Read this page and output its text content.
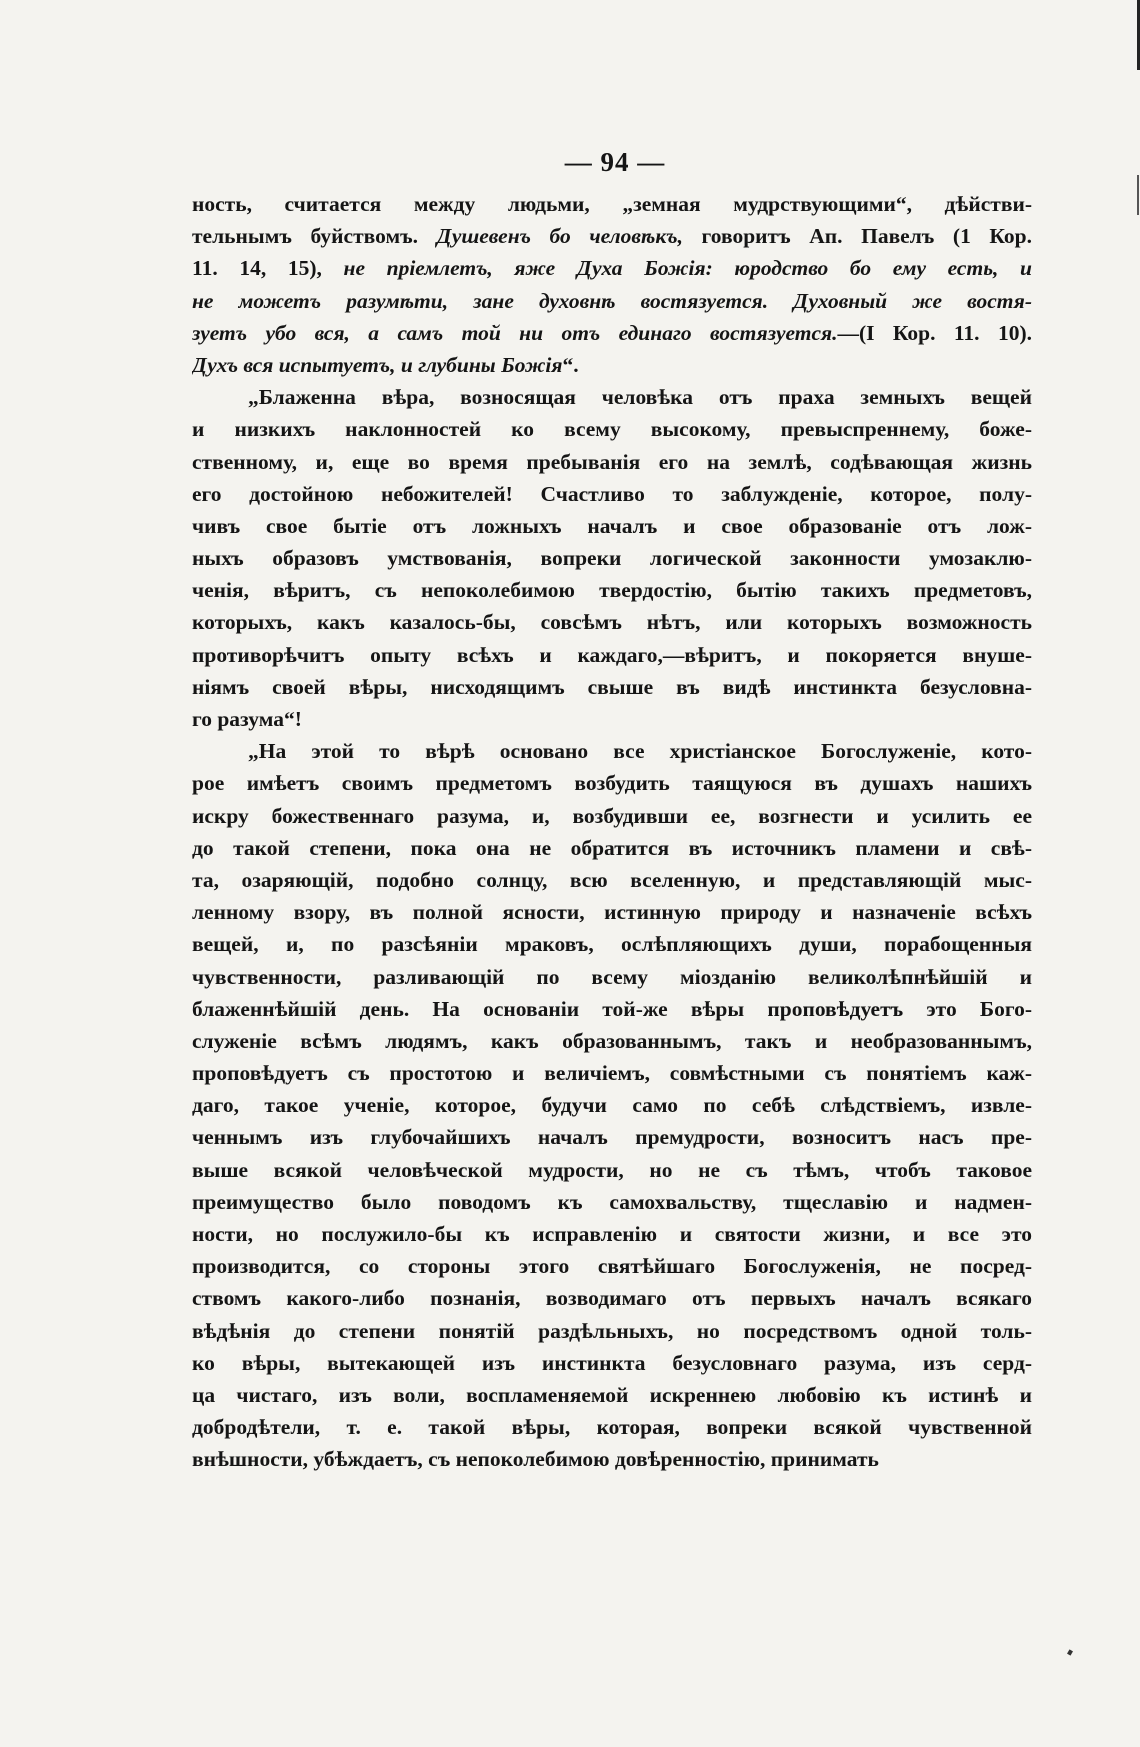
— 94 —
ность, считается между людьми, „земная мудрствующими“, дѣйстви-
тельнымъ буйствомъ. Душевенъ бо человѣкъ, говоритъ Ап. Павелъ (1 Кор.
11. 14, 15), не пріемлетъ, яже Духа Божія: юродство бо ему есть, и
не можетъ разумѣти, зане духовнѣ востязуется. Духовный же востя-
зуетъ убо вся, а самъ той ни отъ единаго востязуется.—(I Кор. 11. 10).
Духъ вся испытуетъ, и глубины Божія“.
„Блаженна вѣра, возносящая человѣка отъ праха земныхъ вещей
и низкихъ наклонностей ко всему высокому, превыспреннему, боже-
ственному, и, еще во время пребыванія его на землѣ, содѣвающая жизнь
его достойною небожителей! Счастливо то заблужденіе, которое, полу-
чивъ свое бытіе отъ ложныхъ началъ и свое образованіе отъ лож-
ныхъ образовъ умствованія, вопреки логической законности умозаклю-
ченія, вѣритъ, съ непоколебимою твердостію, бытію такихъ предметовъ,
которыхъ, какъ казалось-бы, совсѣмъ нѣтъ, или которыхъ возможность
противорѣчитъ опыту всѣхъ и каждаго,—вѣритъ, и покоряется внуше-
ніямъ своей вѣры, нисходящимъ свыше въ видѣ инстинкта безусловна-
го разума“!
„На этой то вѣрѣ основано все христіанское Богослуженіе, кото-
рое имѣетъ своимъ предметомъ возбудить таящуюся въ душахъ нашихъ
искру божественнаго разума, и, возбудивши ее, возгнести и усилить ее
до такой степени, пока она не обратится въ источникъ пламени и свѣ-
та, озаряющій, подобно солнцу, всю вселенную, и представляющій мыс-
ленному взору, въ полной ясности, истинную природу и назначеніе всѣхъ
вещей, и, по разсѣяніи мраковъ, ослѣпляющихъ души, порабощенныя
чувственности, разливающій по всему міозданію великолѣпнѣйшій и
блаженнѣйшій день. На основаніи той-же вѣры проповѣдуетъ это Бого-
служеніе всѣмъ людямъ, какъ образованнымъ, такъ и необразованнымъ,
проповѣдуетъ съ простотою и величіемъ, совмѣстными съ понятіемъ каж-
даго, такое ученіе, которое, будучи само по себѣ слѣдствіемъ, извле-
ченнымъ изъ глубочайшихъ началъ премудрости, возноситъ насъ пре-
выше всякой человѣческой мудрости, но не съ тѣмъ, чтобъ таковое
преимущество было поводомъ къ самохвальству, тщеславію и надмен-
ности, но послужило-бы къ исправленію и святости жизни, и все это
производится, со стороны этого святѣйшаго Богослуженія, не посред-
ствомъ какого-либо познанія, возводимаго отъ первыхъ началъ всякаго
вѣдѣнія до степени понятій раздѣльныхъ, но посредствомъ одной толь-
ко вѣры, вытекающей изъ инстинкта безусловнаго разума, изъ серд-
ца чистаго, изъ воли, воспламеняемой искреннею любовію къ истинѣ и
добродѣтели, т. е. такой вѣры, которая, вопреки всякой чувственной
внѣшности, убѣждаетъ, съ непоколебимою довѣренностію, принимать
